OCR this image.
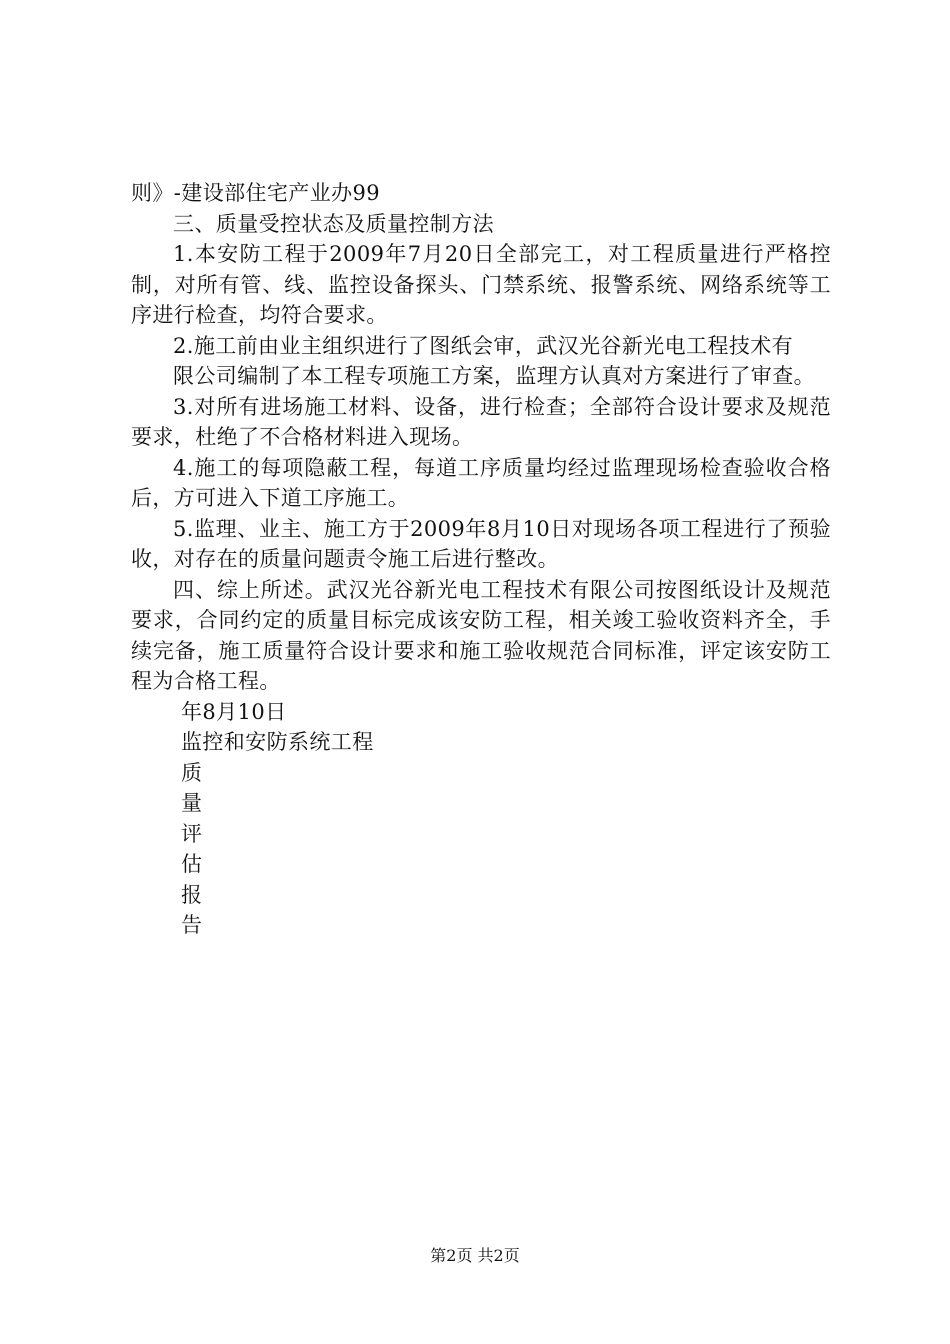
则》-建设部住宅产业办99

三、质量受控状态及质量控制方法

1.本安防工程于2009年7月20日全部完工，对工程质量进行严格控制，对所有管、线、监控设备探头、门禁系统、报警系统、网络系统等工序进行检查，均符合要求。

2.施工前由业主组织进行了图纸会审，武汉光谷新光电工程技术有

限公司编制了本工程专项施工方案，监理方认真对方案进行了审查。

3.对所有进场施工材料、设备，进行检查；全部符合设计要求及规范要求，杜绝了不合格材料进入现场。

4.施工的每项隐蔽工程，每道工序质量均经过监理现场检查验收合格后，方可进入下道工序施工。

5.监理、业主、施工方于2009年8月10日对现场各项工程进行了预验收，对存在的质量问题责令施工后进行整改。

四、综上所述。武汉光谷新光电工程技术有限公司按图纸设计及规范要求，合同约定的质量目标完成该安防工程，相关竣工验收资料齐全，手续完备，施工质量符合设计要求和施工验收规范合同标准，评定该安防工程为合格工程。

年8月10日

监控和安防系统工程

质

量

评

估

报

告

第2页 共2页
